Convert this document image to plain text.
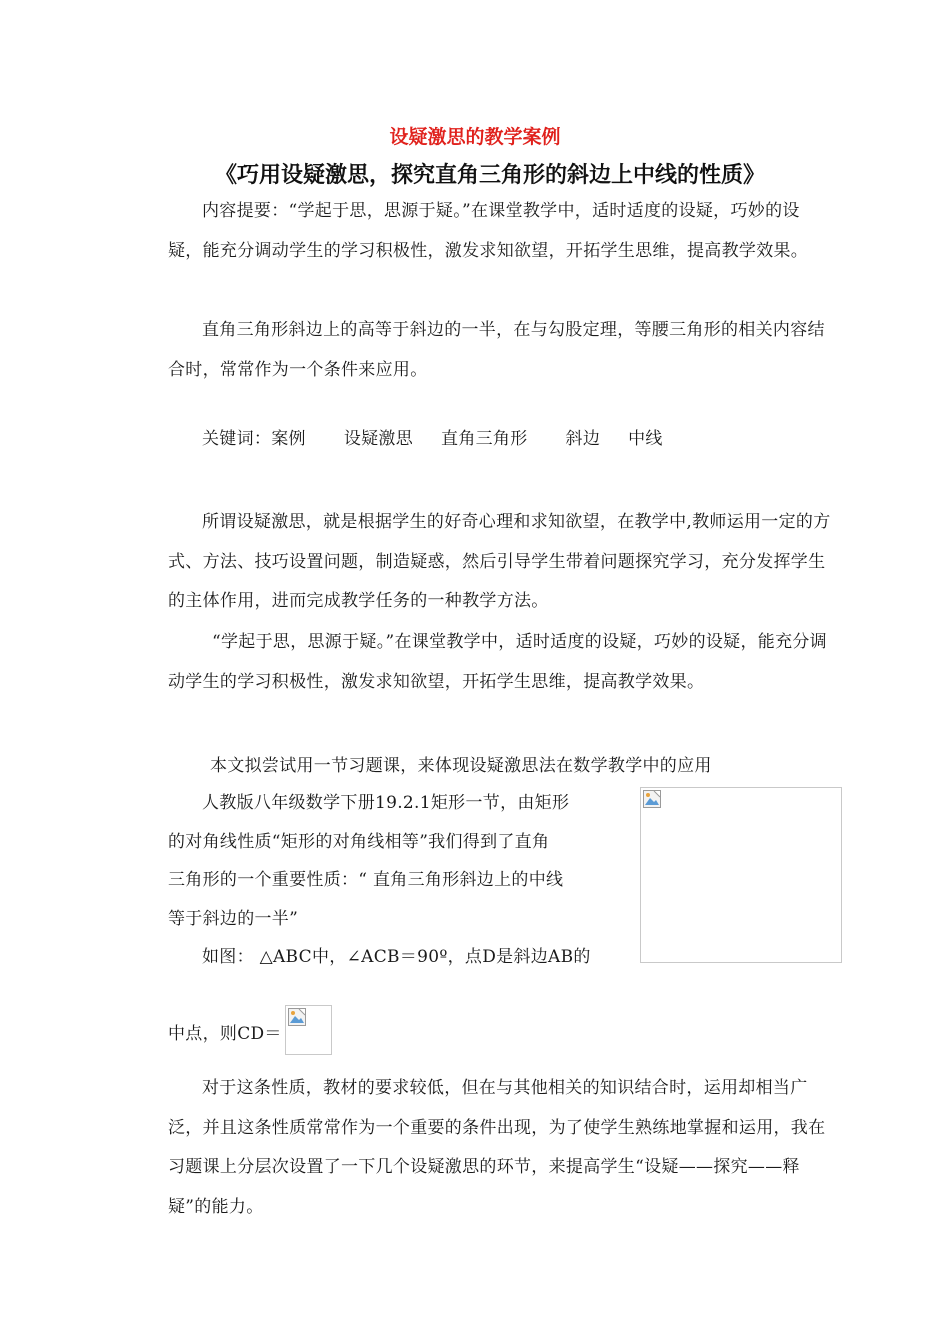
设疑激思的教学案例
《巧用设疑激思，探究直角三角形的斜边上中线的性质》
内容提要：“学起于思，思源于疑。”在课堂教学中，适时适度的设疑，巧妙的设疑，能充分调动学生的学习积极性，激发求知欲望，开拓学生思维，提高教学效果。
直角三角形斜边上的高等于斜边的一半，在与勾股定理，等腰三角形的相关内容结合时，常常作为一个条件来应用。
关键词：案例 设疑激思 直角三角形 斜边 中线
所谓设疑激思，就是根据学生的好奇心理和求知欲望，在教学中,教师运用一定的方式、方法、技巧设置问题，制造疑惑，然后引导学生带着问题探究学习，充分发挥学生的主体作用，进而完成教学任务的一种教学方法。
“学起于思，思源于疑。”在课堂教学中，适时适度的设疑，巧妙的设疑，能充分调动学生的学习积极性，激发求知欲望，开拓学生思维，提高教学效果。
本文拟尝试用一节习题课，来体现设疑激思法在数学教学中的应用
人教版八年级数学下册19.2.1矩形一节，由矩形
的对角线性质“矩形的对角线相等”我们得到了直角
三角形的一个重要性质：“ 直角三角形斜边上的中线
等于斜边的一半”
如图： △ABC中，∠ACB＝90º，点D是斜边AB的
中点，则CD＝
对于这条性质，教材的要求较低，但在与其他相关的知识结合时，运用却相当广泛，并且这条性质常常作为一个重要的条件出现，为了使学生熟练地掌握和运用，我在习题课上分层次设置了一下几个设疑激思的环节，来提高学生“设疑——探究——释疑”的能力。
